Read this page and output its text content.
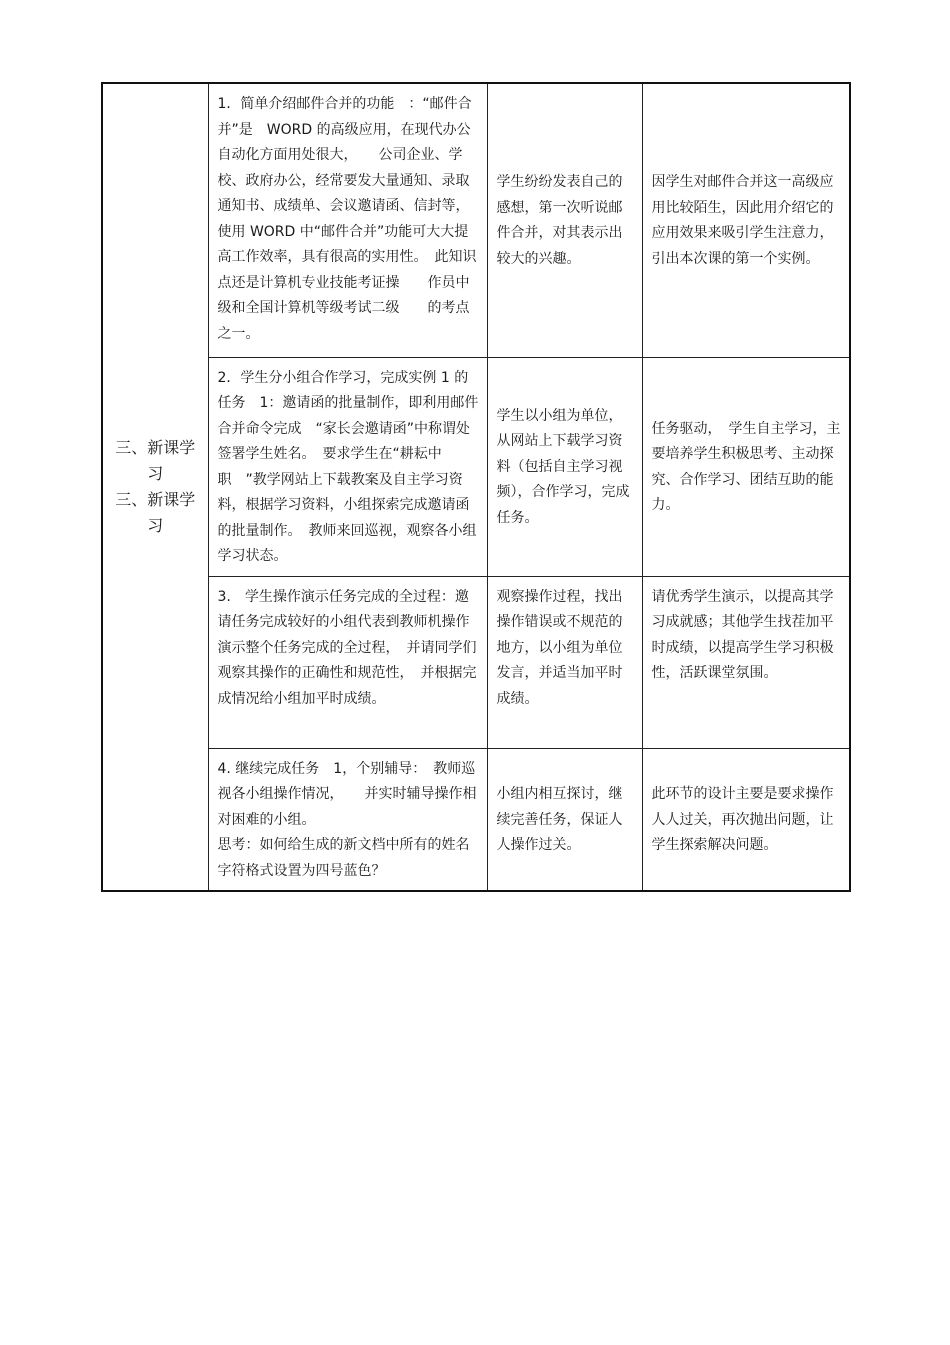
三、新课学习
三、新课学习	1．简单介绍邮件合并的功能　：“邮件合并”是　WORD 的高级应用，在现代办公自动化方面用处很大，　　公司企业、学校、政府办公，经常要发大量通知、录取通知书、成绩单、会议邀请函、信封等，使用 WORD 中“邮件合并”功能可大大提高工作效率，具有很高的实用性。　此知识点还是计算机专业技能考证操　　作员中级和全国计算机等级考试二级　　的考点之一。	学生纷纷发表自己的感想，第一次听说邮件合并，对其表示出较大的兴趣。	因学生对邮件合并这一高级应用比较陌生，因此用介绍它的应用效果来吸引学生注意力，引出本次课的第一个实例。

	2．学生分小组合作学习，完成实例 1 的任务　1：邀请函的批量制作，即利用邮件合并命令完成　“家长会邀请函”中称谓处签署学生姓名。　要求学生在“耕耘中职　”教学网站上下载教案及自主学习资料，根据学习资料，小组探索完成邀请函的批量制作。　教师来回巡视，观察各小组学习状态。	学生以小组为单位，从网站上下载学习资料（包括自主学习视频），合作学习，完成任务。	任务驱动，　学生自主学习，主要培养学生积极思考、主动探究、合作学习、团结互助的能力。

	3.　学生操作演示任务完成的全过程：邀请任务完成较好的小组代表到教师机操作演示整个任务完成的全过程，　并请同学们观察其操作的正确性和规范性，　并根据完成情况给小组加平时成绩。	观察操作过程，找出操作错误或不规范的地方，以小组为单位发言，并适当加平时成绩。	请优秀学生演示，以提高其学习成就感；其他学生找茬加平时成绩，以提高学生学习积极性，活跃课堂氛围。

	4. 继续完成任务　1，个别辅导：　教师巡视各小组操作情况，　　并实时辅导操作相对困难的小组。
思考：如何给生成的新文档中所有的姓名字符格式设置为四号蓝色？	小组内相互探讨，继续完善任务，保证人人操作过关。	此环节的设计主要是要求操作人人过关，再次抛出问题，让学生探索解决问题。
